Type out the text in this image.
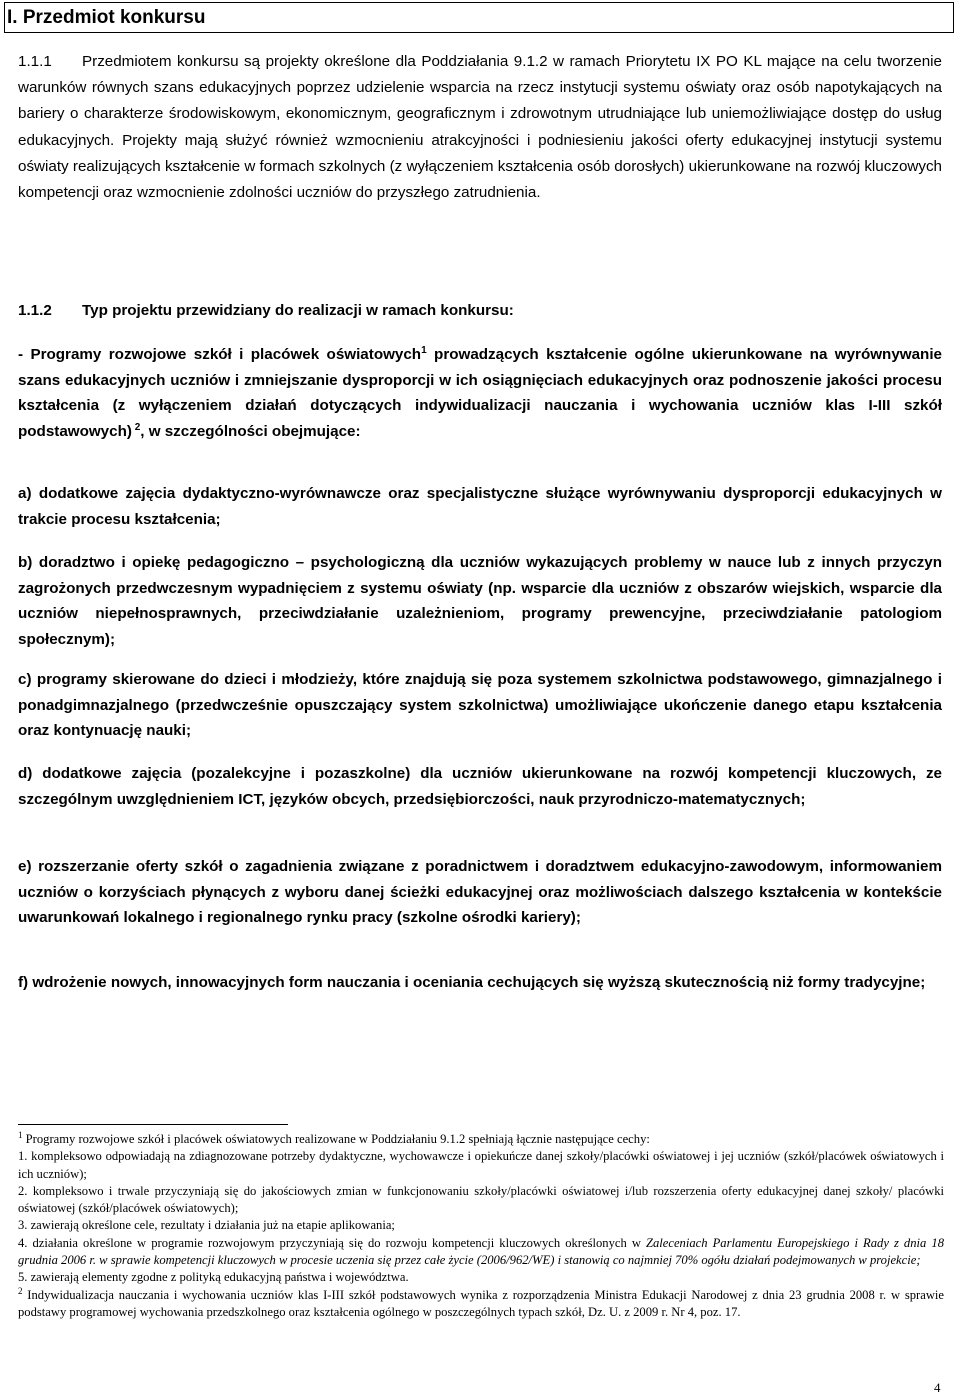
I. Przedmiot konkursu

1.1.1 Przedmiotem konkursu są projekty określone dla Poddziałania 9.1.2 w ramach Priorytetu IX PO KL mające na celu tworzenie warunków równych szans edukacyjnych poprzez udzielenie wsparcia na rzecz instytucji systemu oświaty oraz osób napotykających na bariery o charakterze środowiskowym, ekonomicznym, geograficznym i zdrowotnym utrudniające lub uniemożliwiające dostęp do usług edukacyjnych. Projekty mają służyć również wzmocnieniu atrakcyjności i podniesieniu jakości oferty edukacyjnej instytucji systemu oświaty realizujących kształcenie w formach szkolnych (z wyłączeniem kształcenia osób dorosłych) ukierunkowane na rozwój kluczowych kompetencji oraz wzmocnienie zdolności uczniów do przyszłego zatrudnienia.

1.1.2 Typ projektu przewidziany do realizacji w ramach konkursu:

- Programy rozwojowe szkół i placówek oświatowych$^1$ prowadzących kształcenie ogólne ukierunkowane na wyrównywanie szans edukacyjnych uczniów i zmniejszanie dysproporcji w ich osiągnięciach edukacyjnych oraz podnoszenie jakości procesu kształcenia (z wyłączeniem działań dotyczących indywidualizacji nauczania i wychowania uczniów klas I-III szkół podstawowych) $^2$, w szczególności obejmujące:

a) dodatkowe zajęcia dydaktyczno-wyrównawcze oraz specjalistyczne służące wyrównywaniu dysproporcji edukacyjnych w trakcie procesu kształcenia;

b) doradztwo i opiekę pedagogiczno – psychologiczną dla uczniów wykazujących problemy w nauce lub z innych przyczyn zagrożonych przedwczesnym wypadnięciem z systemu oświaty (np. wsparcie dla uczniów z obszarów wiejskich, wsparcie dla uczniów niepełnosprawnych, przeciwdziałanie uzależnieniom, programy prewencyjne, przeciwdziałanie patologiom społecznym);

c) programy skierowane do dzieci i młodzieży, które znajdują się poza systemem szkolnictwa podstawowego, gimnazjalnego i ponadgimnazjalnego (przedwcześnie opuszczający system szkolnictwa) umożliwiające ukończenie danego etapu kształcenia oraz kontynuację nauki;

d) dodatkowe zajęcia (pozalekcyjne i pozaszkolne) dla uczniów ukierunkowane na rozwój kompetencji kluczowych, ze szczególnym uwzględnieniem ICT, języków obcych, przedsiębiorczości, nauk przyrodniczo-matematycznych;

e) rozszerzanie oferty szkół o zagadnienia związane z poradnictwem i doradztwem edukacyjno-zawodowym, informowaniem uczniów o korzyściach płynących z wyboru danej ścieżki edukacyjnej oraz możliwościach dalszego kształcenia w kontekście uwarunkowań lokalnego i regionalnego rynku pracy (szkolne ośrodki kariery);

f) wdrożenie nowych, innowacyjnych form nauczania i oceniania cechujących się wyższą skutecznością niż formy tradycyjne;

$^1$ Programy rozwojowe szkół i placówek oświatowych realizowane w Poddziałaniu 9.1.2 spełniają łącznie następujące cechy:

1. kompleksowo odpowiadają na zdiagnozowane potrzeby dydaktyczne, wychowawcze i opiekuńcze danej szkoły/placówki oświatowej i jej uczniów (szkół/placówek oświatowych i ich uczniów);

2. kompleksowo i trwale przyczyniają się do jakościowych zmian w funkcjonowaniu szkoły/placówki oświatowej i/lub rozszerzenia oferty edukacyjnej danej szkoły/ placówki oświatowej (szkół/placówek oświatowych);

3. zawierają określone cele, rezultaty i działania już na etapie aplikowania;

4. działania określone w programie rozwojowym przyczyniają się do rozwoju kompetencji kluczowych określonych w Zaleceniach Parlamentu Europejskiego i Rady z dnia 18 grudnia 2006 r. w sprawie kompetencji kluczowych w procesie uczenia się przez całe życie (2006/962/WE) i stanowią co najmniej 70% ogółu działań podejmowanych w projekcie;

5. zawierają elementy zgodne z polityką edukacyjną państwa i województwa.

$^2$ Indywidualizacja nauczania i wychowania uczniów klas I-III szkół podstawowych wynika z rozporządzenia Ministra Edukacji Narodowej z dnia 23 grudnia 2008 r. w sprawie podstawy programowej wychowania przedszkolnego oraz kształcenia ogólnego w poszczególnych typach szkół, Dz. U. z 2009 r. Nr 4, poz. 17.

4
